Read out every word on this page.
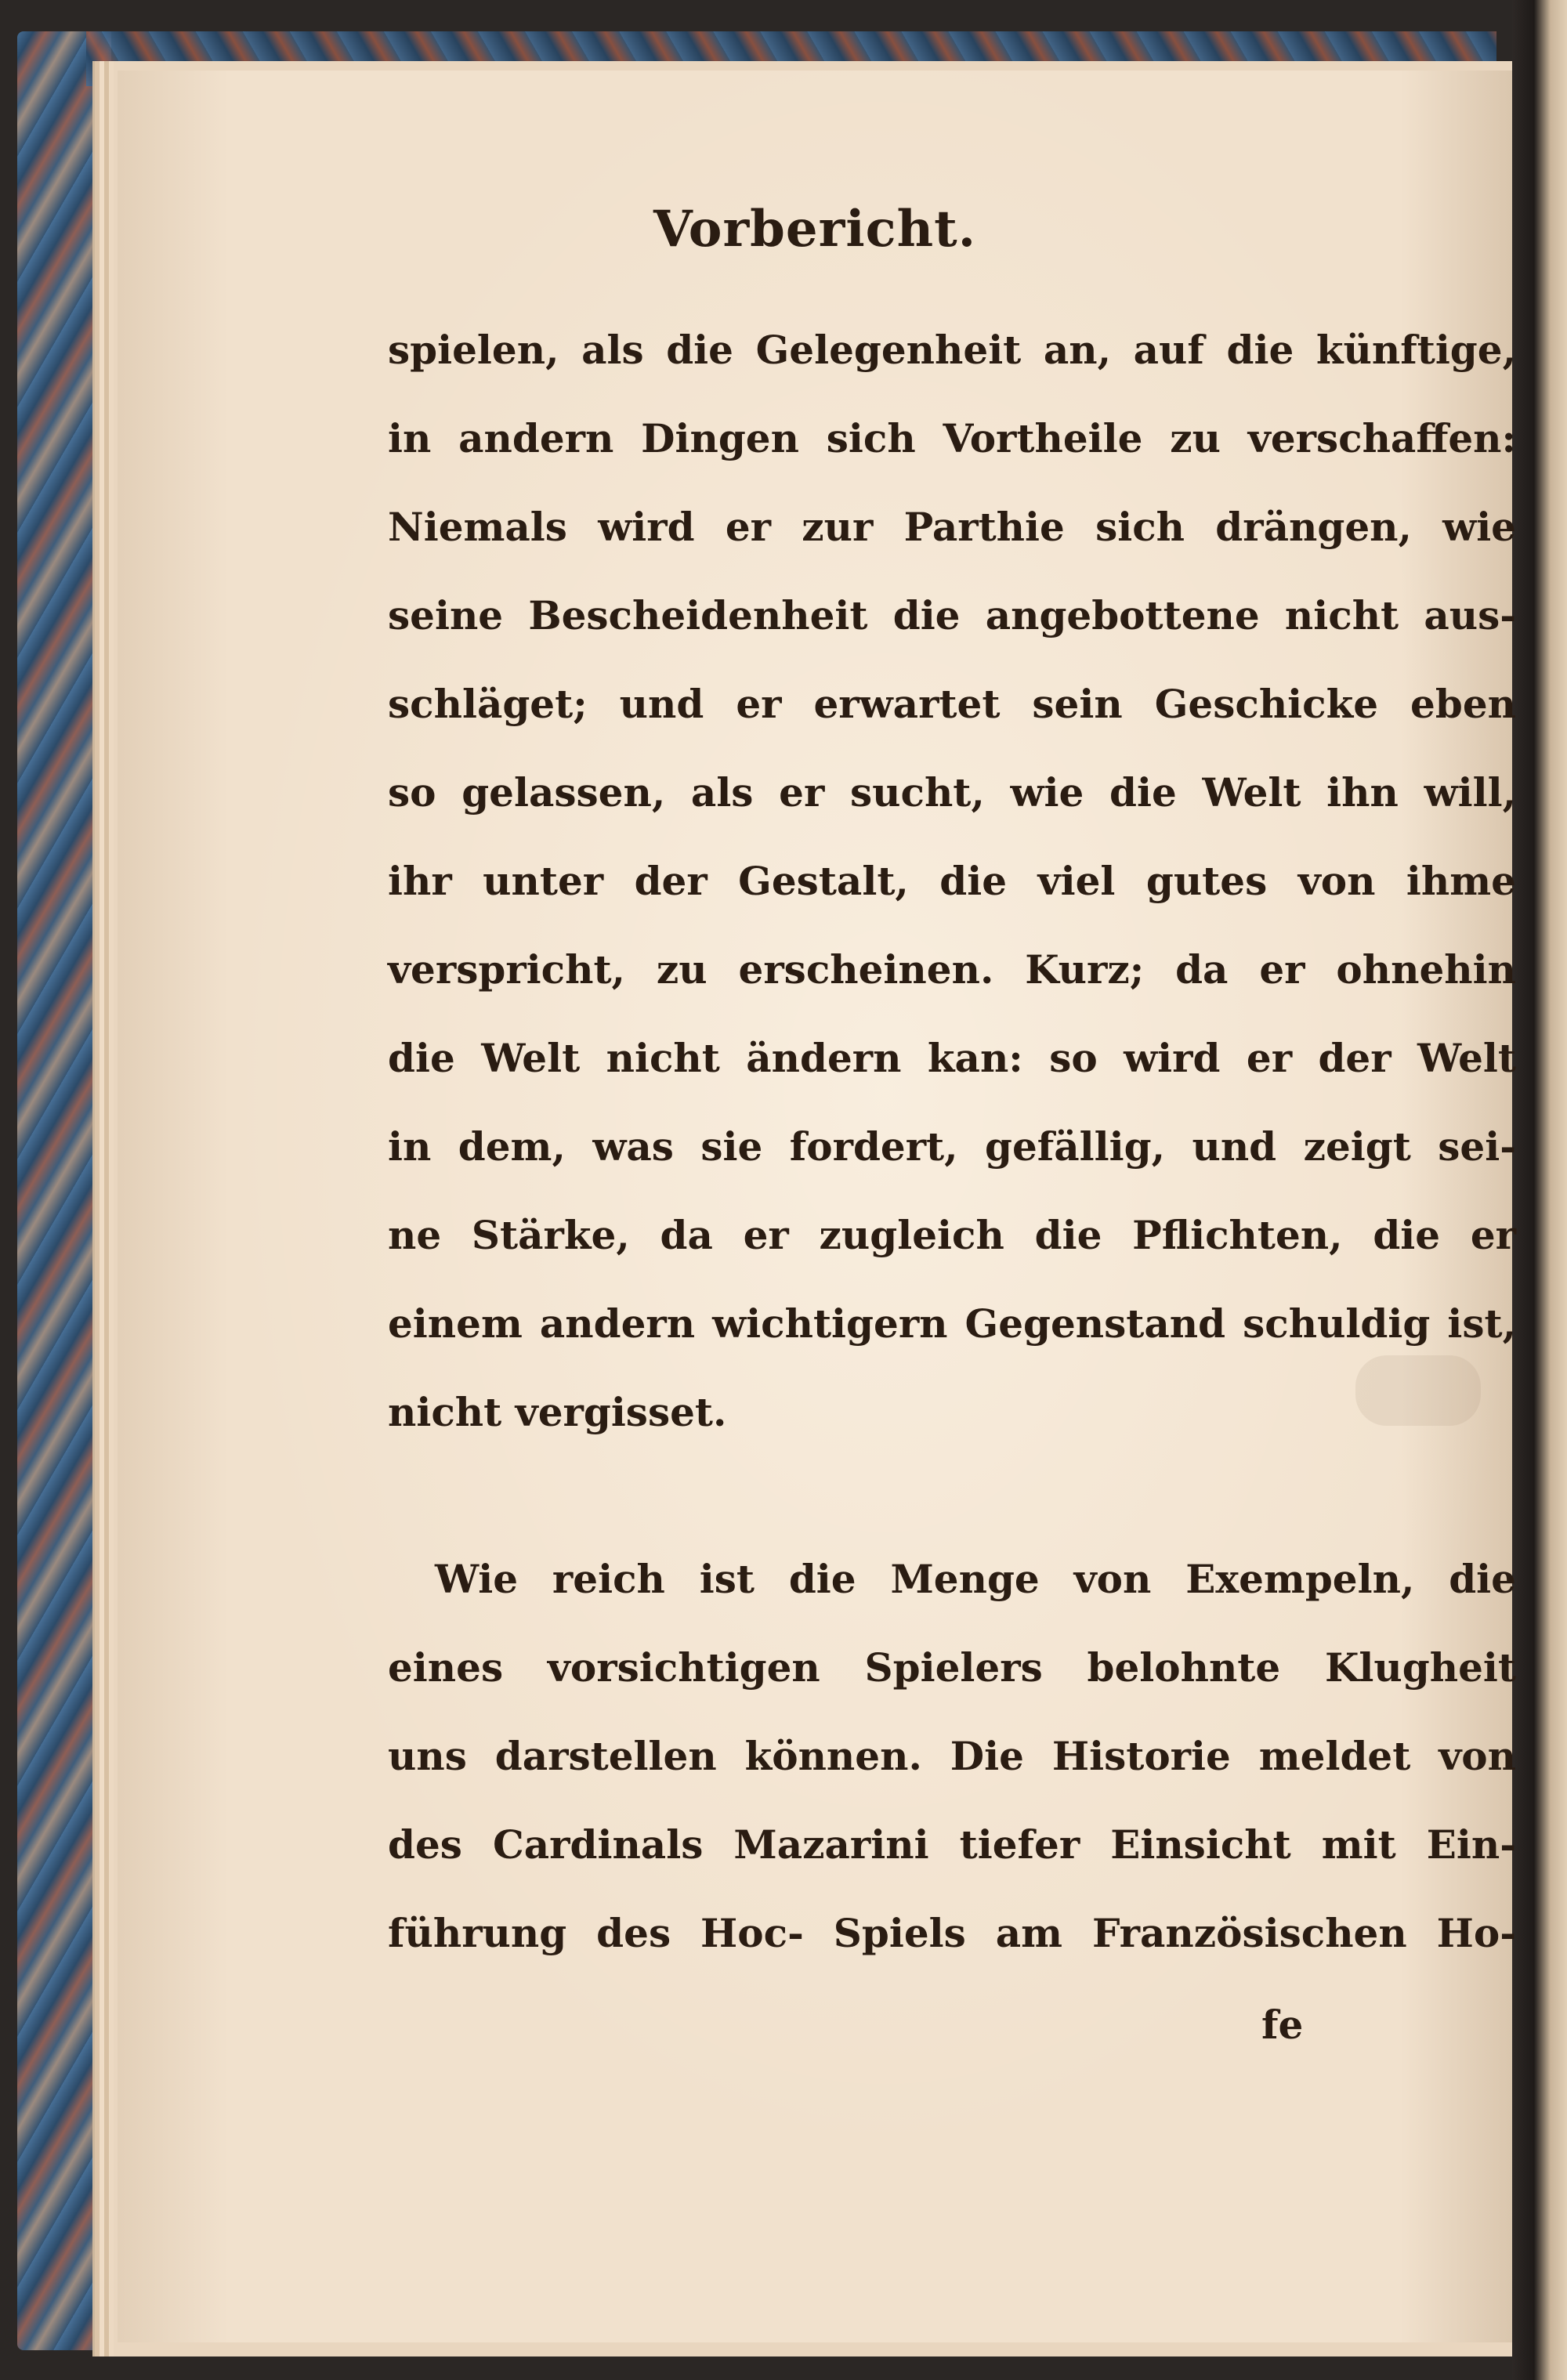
Vorbericht.
spielen, als die Gelegenheit an, auf die künftige,
in andern Dingen sich Vortheile zu verschaffen:
Niemals wird er zur Parthie sich drängen, wie
seine Bescheidenheit die angebottene nicht aus-
schläget; und er erwartet sein Geschicke eben
so gelassen, als er sucht, wie die Welt ihn will,
ihr unter der Gestalt, die viel gutes von ihme
verspricht, zu erscheinen. Kurz; da er ohnehin
die Welt nicht ändern kan: so wird er der Welt
in dem, was sie fordert, gefällig, und zeigt sei-
ne Stärke, da er zugleich die Pflichten, die er
einem andern wichtigern Gegenstand schuldig ist,
nicht vergisset.
Wie reich ist die Menge von Exempeln, die
eines vorsichtigen Spielers belohnte Klugheit
uns darstellen können. Die Historie meldet von
des Cardinals Mazarini tiefer Einsicht mit Ein-
führung des Hoc- Spiels am Französischen Ho-
fe
